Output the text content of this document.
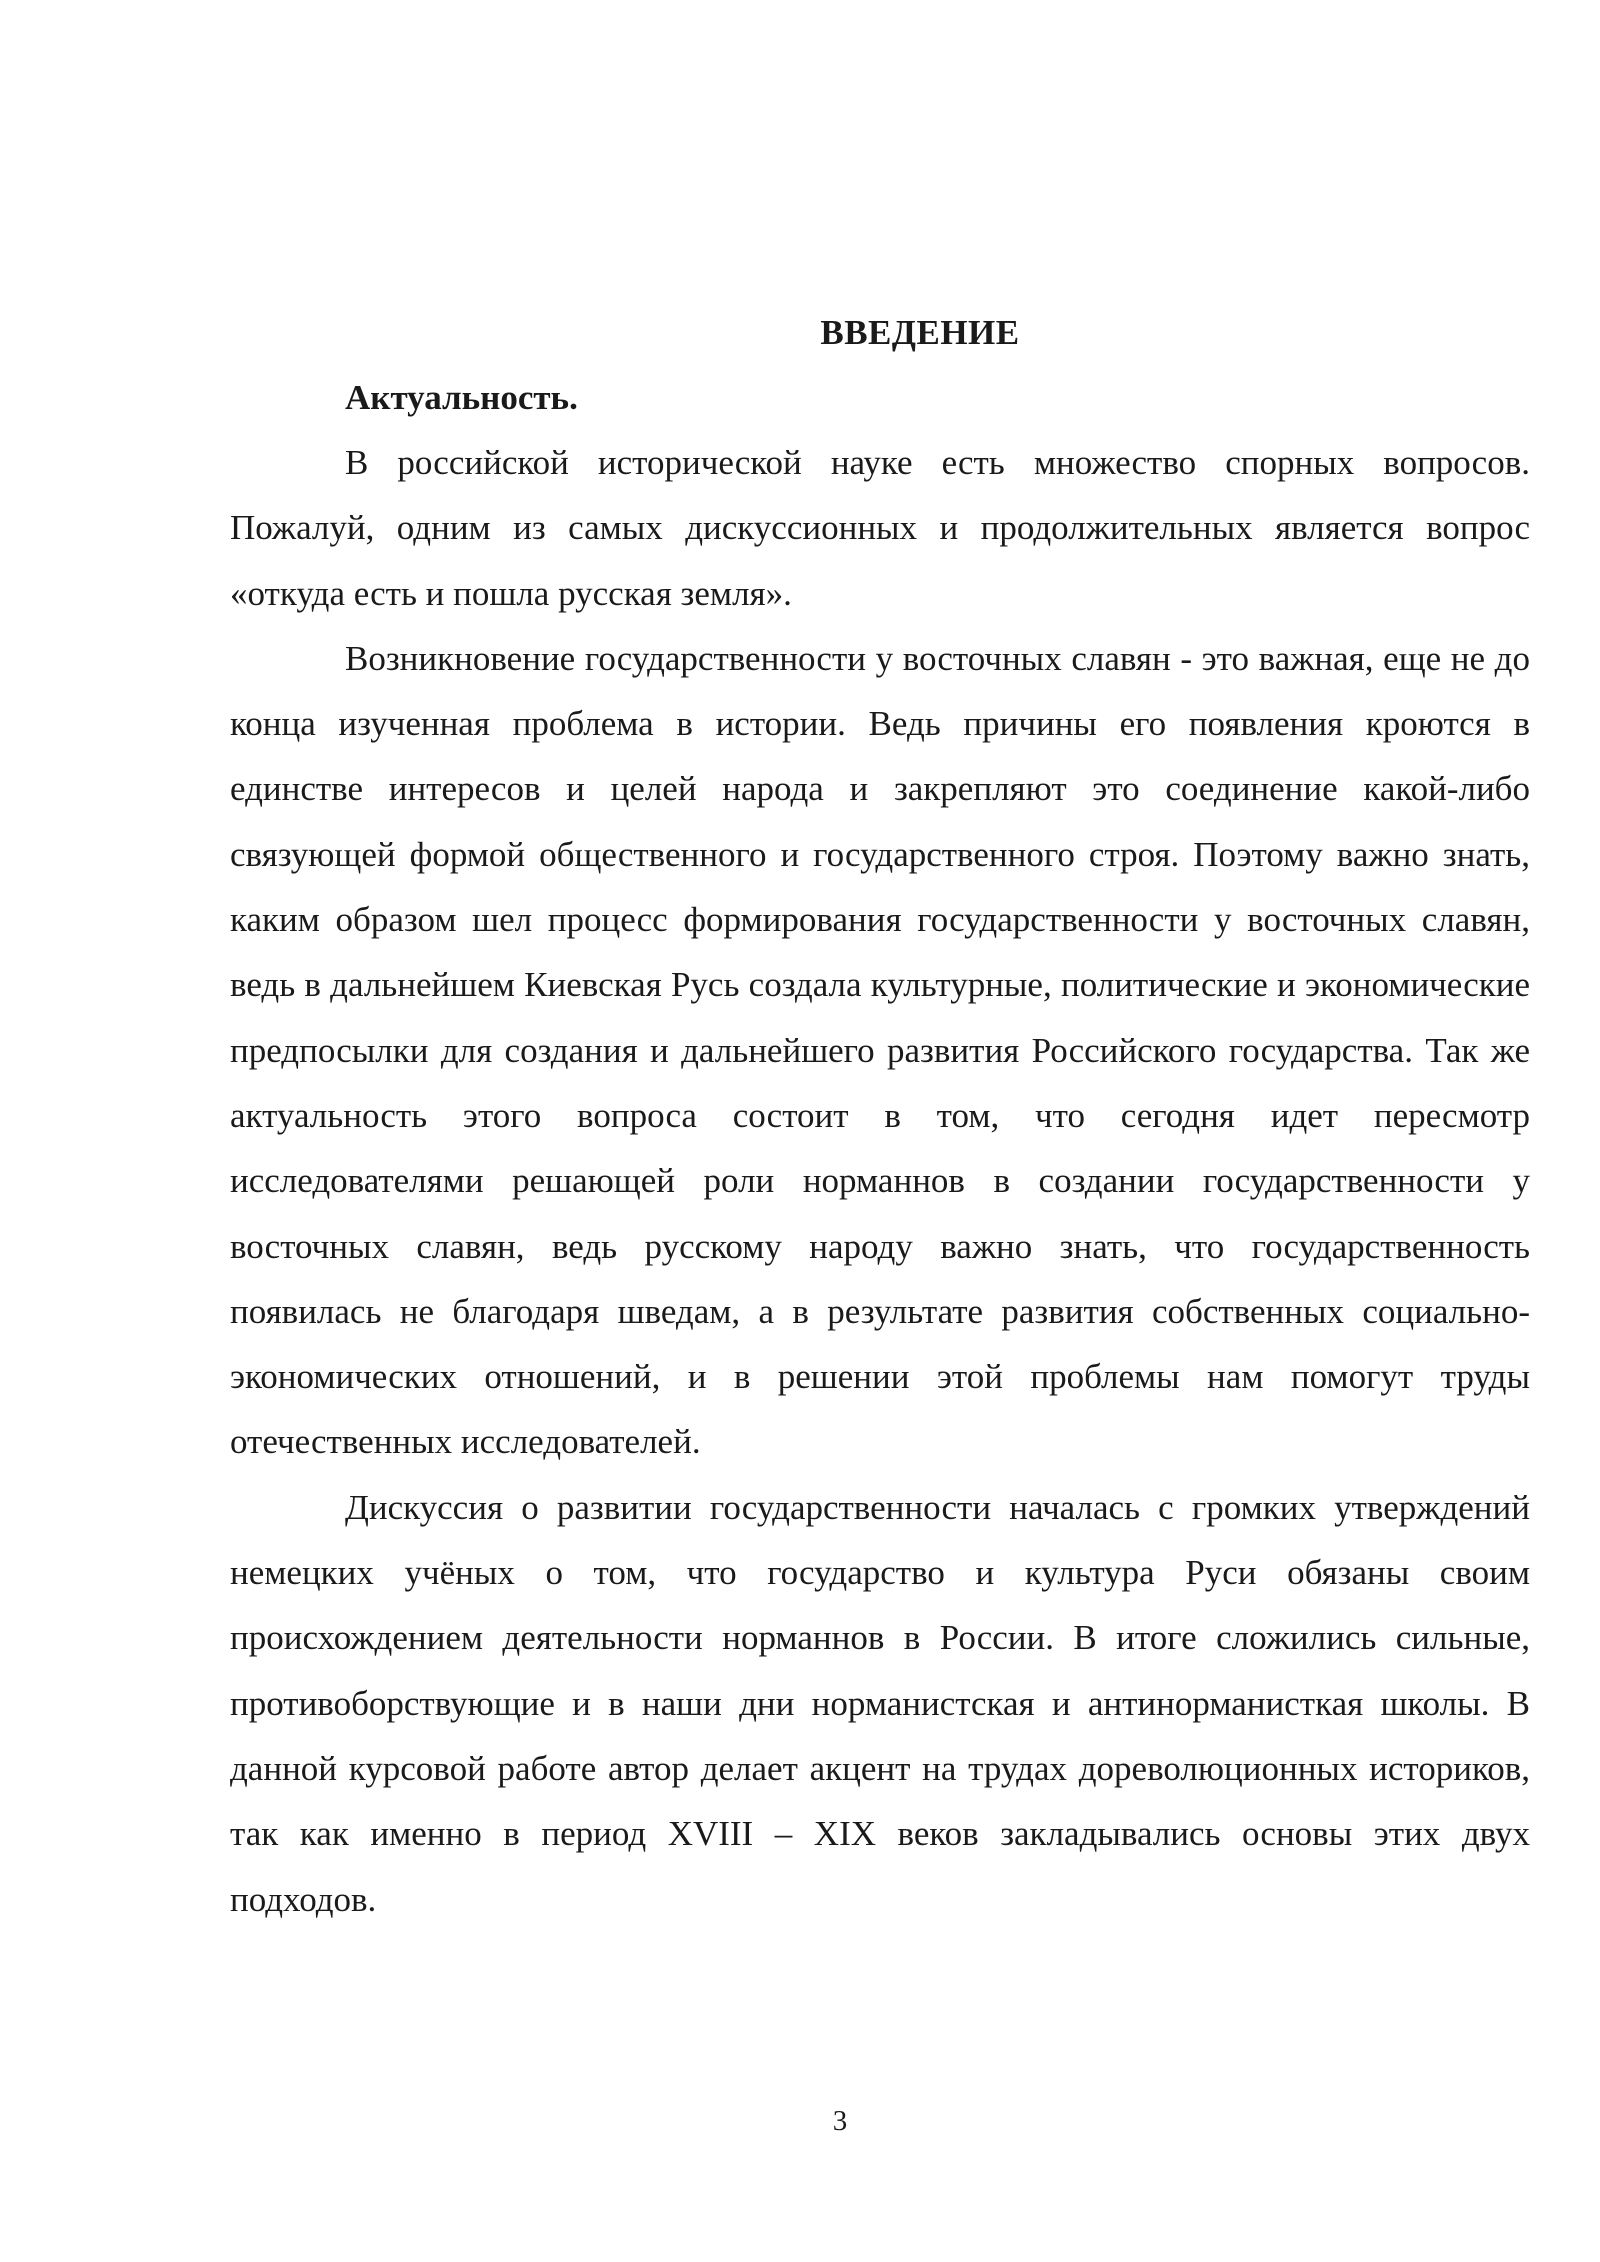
ВВЕДЕНИЕ

Актуальность.

В российской исторической науке есть множество спорных вопросов. Пожалуй, одним из самых дискуссионных и продолжительных является вопрос «откуда есть и пошла русская земля».

Возникновение государственности у восточных славян - это важная, еще не до конца изученная проблема в истории. Ведь причины его появления кроются в единстве интересов и целей народа и закрепляют это соединение какой-либо связующей формой общественного и государственного строя. Поэтому важно знать, каким образом шел процесс формирования государственности у восточных славян, ведь в дальнейшем Киевская Русь создала культурные, политические и экономические предпосылки для создания и дальнейшего развития Российского государства. Так же актуальность этого вопроса состоит в том, что сегодня идет пересмотр исследователями решающей роли норманнов в создании государственности у восточных славян, ведь русскому народу важно знать, что государственность появилась не благодаря шведам, а в результате развития собственных социально-экономических отношений, и в решении этой проблемы нам помогут труды отечественных исследователей.

Дискуссия о развитии государственности началась с громких утверждений немецких учёных о том, что государство и культура Руси обязаны своим происхождением деятельности норманнов в России. В итоге сложились сильные, противоборствующие и в наши дни норманистская и антинорманисткая школы. В данной курсовой работе автор делает акцент на трудах дореволюционных историков, так как именно в период XVIII – XIX веков закладывались основы этих двух подходов.

3
